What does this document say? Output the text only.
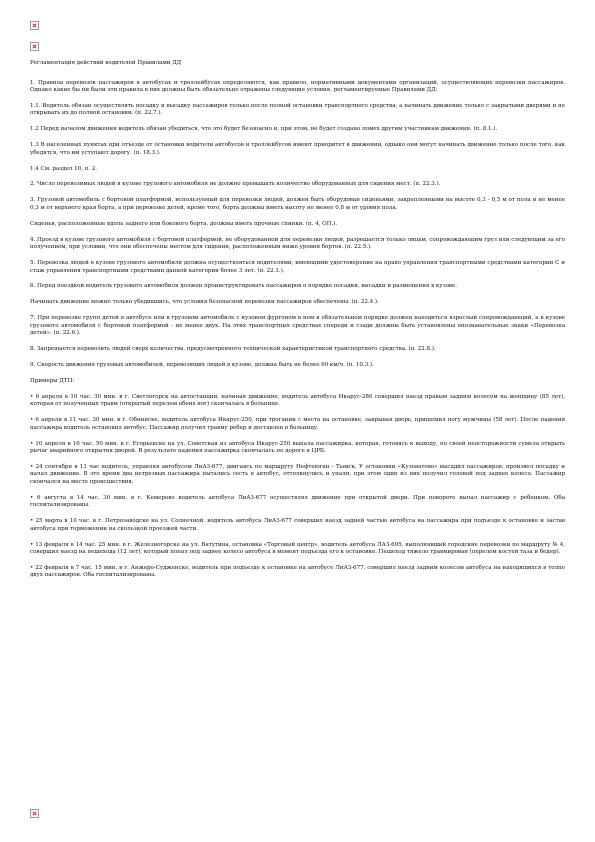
Регламентация действий водителей Правилами ДД

1. Правила перевозок пассажиров в автобусах и троллейбусах определяются, как правило, нормативными документами организаций, осуществляющих перевозки пассажиров. Однако какие бы ни были эти правила в них должны быть обязательно отражены следующие условия, регламентируемые Правилами ДД:

1.1. Водитель обязан осуществлять посадку и высадку пассажиров только после полной остановки транспортного средства, а начинать движение только с закрытыми дверями и не открывать их до полной остановки. (п. 22.7.).

1.2 Перед началом движения водитель обязан убедиться, что это будет безопасно и, при этом, не будет создано помех другим участникам движения. (п. 8.1.).

1.3 В населенных пунктах при отъезде от остановки водители автобусов и троллейбусов имеют приоритет в движении, однако они могут начинать движение только после того, как убедятся, что им уступают дорогу. (п. 18.3.).

1.4 См. раздел 10, п. 2.

2. Число перевозимых людей в кузове грузового автомобиля не должно превышать количество оборудованных для сидения мест. (п. 22.3.).

3. Грузовой автомобиль с бортовой платформой, используемый для перевозки людей, должен быть оборудован сиденьями, закрепленными на высоте 0,3 - 0,5 м от пола и не менее 0,3 м от верхнего края борта, а при перевозке детей, кроме того, борта должны иметь высоту не менее 0,8 м от уровня пола.

Сиденья, расположенные вдоль заднего или бокового борта, должны иметь прочные спинки. (п. 4, ОП.).

4. Проезд в кузове грузового автомобиля с бортовой платформой, не оборудованной для перевозки людей, разрешается только лицам, сопровождающим груз или следующим за его получением, при условии, что они обеспечены местом для сидения, расположенным ниже уровня бортов. (п. 22.5.).

5. Перевозка людей в кузове грузового автомобиля должна осуществляться водителями, имеющими удостоверение на право управления транспортными средствами категории С и стаж управления транспортными средствами данной категории более 3 лет. (п. 22.1.).

6. Перед поездкой водитель грузового автомобиля должен проинструктировать пассажиров о порядке посадки, высадки и размещения в кузове.

Начинать движение можно только убедившись, что условия безопасной перевозки пассажиров обеспечены. (п. 22.4.).

7. При перевозке групп детей в автобусе или в грузовом автомобиле с кузовом фургоном в нем в обязательном порядке должен находиться взрослый сопровождающий, а в кузове грузового автомобиля с бортовой платформой - не менее двух. На этих транспортных средствах спереди и сзади должны быть установлены опознавательные знаки «Перевозка детей». (п. 22.6.).

8. Запрещается перевозить людей сверх количества, предусмотренного технической характеристикой транспортного средства. (п. 22.8.).

9. Скорость движения грузовых автомобилей, перевозящих людей в кузове, должна быть не более 60 км/ч. (п. 10.3.).

Примеры ДТП:

• 6 апреля в 10 час. 30 мин. в г. Светлогорск на автостанции, начиная движение, водитель автобуса Икарус-280 совершил наезд правым задним колесом на женщину (85 лет), которая от полученных травм (открытый перелом обеих ног) скончалась в больнице.

• 6 апреля в 11 час. 30 мин. в г. Обнинске, водитель автобуса Икарус-250, при трогании с места на остановке, закрывая дверь, прищемил ногу мужчины (58 лет). После падения пассажира водитель остановил автобус. Пассажир получил травму ребер и доставлен в больницу.

• 10 апреля в 16 час. 50 мин. в г. Егорьевске на ул. Советская из автобуса Икарус-250 выпала пассажирка, которая, готовясь к выходу, по своей неосторожности сумела открыть рычаг аварийного открытия дверей. В результате падения пассажирка скончалась по дороге в ЦРБ.

• 24 сентября в 11 час водитель, управляя автобусом ЛиАЗ-677, двигаясь по маршруту Нефтеюган - Тымск, У остановки «Кузоватово» высадил пассажиров, произвел посадку и начал движение. В это время два нетрезвых пассажира пытались сесть в автобус, оттолкнулись и упали, при этом один из них получил головой под заднее колесо. Пассажир скончался на месте происшествия.

• 6 августа в 14 час. 30 мин. в г. Кемерово водитель автобуса ЛиАЗ-677 осуществлял движение при открытой двери. При повороте выпал пассажир с ребенком. Оба госпитализированы.

• 25 марта в 10 час. в г. Петрозаводске на ул. Солнечной, водитель автобуса ЛиАЗ-677 совершил наезд задней частью автобуса на пассажира при подъезде к остановке и застав автобуса при торможении на скользкой проезжей части.

• 13 февраля в 14 час. 25 мин. в г. Железногорске на ул. Ватутина, остановка «Торговый центр», водитель автобуса ЛАЗ-695, выполнявший городские перевозки по маршруту № 4, совершил наезд на пешехода (12 лет), который попал под заднее колесо автобуса в момент подъезда его к остановке. Пешеход тяжело травмирован (перелом костей таза и бедер).

• 22 февраля в 7 час. 15 мин. в г. Анжеро-Судженске, водитель при подъезде к остановке на автобусе ЛиАЗ-677, совершил наезд задним колесом автобуса на находящихся в толпе двух пассажиров. Оба госпитализированы.
